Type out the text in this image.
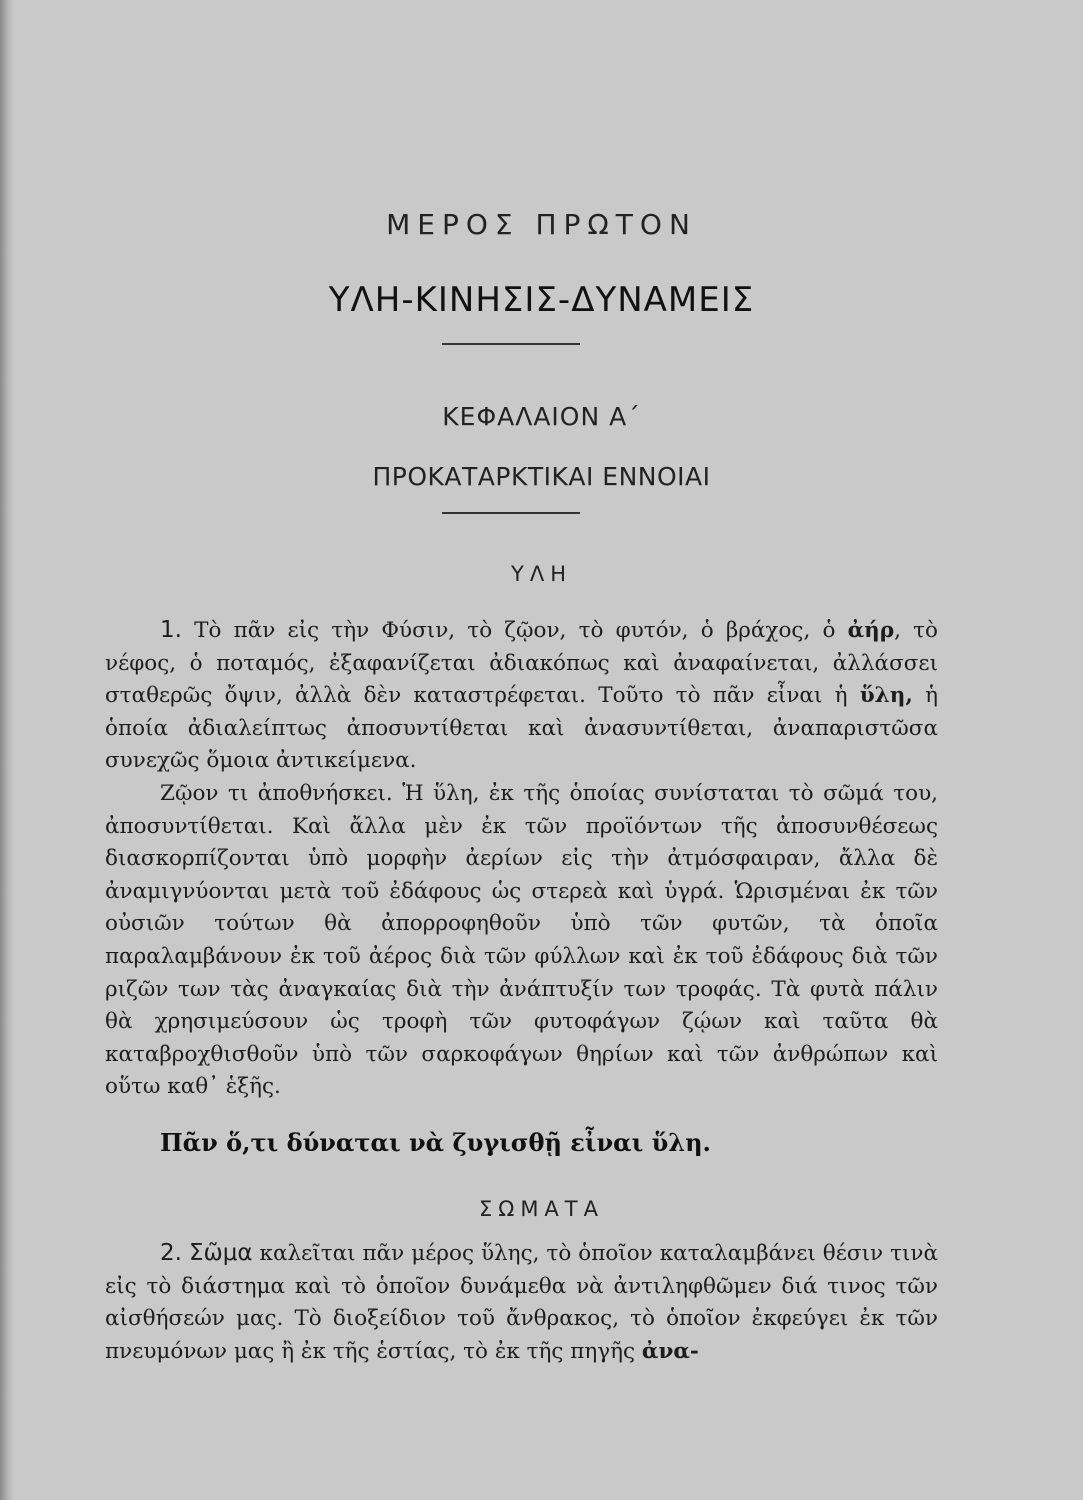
ΜΕΡΟΣ ΠΡΩΤΟΝ
ΥΛΗ-ΚΙΝΗΣΙΣ-ΔΥΝΑΜΕΙΣ
ΚΕΦΑΛΑΙΟΝ Α΄
ΠΡΟΚΑΤΑΡΚΤΙΚΑΙ ΕΝΝΟΙΑΙ
ΥΛΗ

1. Τὸ πᾶν εἰς τὴν Φύσιν, τὸ ζῷον, τὸ φυτόν, ὁ βράχος, ὁ ἀήρ, τὸ νέφος, ὁ ποταμός, ἐξαφανίζεται ἀδιακόπως καὶ ἀναφαίνεται, ἀλλάσσει σταθερῶς ὄψιν, ἀλλὰ δὲν καταστρέφεται. Τοῦτο τὸ πᾶν εἶναι ἡ ὕλη, ἡ ὁποία ἀδιαλείπτως ἀποσυντίθεται καὶ ἀνασυντίθεται, ἀναπαριστῶσα συνεχῶς ὅμοια ἀντικείμενα.

Ζῷον τι ἀποθνήσκει. Ἡ ὕλη, ἐκ τῆς ὁποίας συνίσταται τὸ σῶμά του, ἀποσυντίθεται. Καὶ ἄλλα μὲν ἐκ τῶν προϊόντων τῆς ἀποσυνθέσεως διασκορπίζονται ὑπὸ μορφὴν ἀερίων εἰς τὴν ἀτμόσφαιραν, ἄλλα δὲ ἀναμιγνύονται μετὰ τοῦ ἐδάφους ὡς στερεὰ καὶ ὑγρά. Ὡρισμέναι ἐκ τῶν οὐσιῶν τούτων θὰ ἀπορροφηθοῦν ὑπὸ τῶν φυτῶν, τὰ ὁποῖα παραλαμβάνουν ἐκ τοῦ ἀέρος διὰ τῶν φύλλων καὶ ἐκ τοῦ ἐδάφους διὰ τῶν ριζῶν των τὰς ἀναγκαίας διὰ τὴν ἀνάπτυξίν των τροφάς. Τὰ φυτὰ πάλιν θὰ χρησιμεύσουν ὡς τροφὴ τῶν φυτοφάγων ζῴων καὶ ταῦτα θὰ καταβροχθισθοῦν ὑπὸ τῶν σαρκοφάγων θηρίων καὶ τῶν ἀνθρώπων καὶ οὕτω καθ᾿ ἑξῆς.

Πᾶν ὅ,τι δύναται νὰ ζυγισθῇ εἶναι ὕλη.
ΣΩΜΑΤΑ

2. Σῶμα καλεῖται πᾶν μέρος ὕλης, τὸ ὁποῖον καταλαμβάνει θέσιν τινὰ εἰς τὸ διάστημα καὶ τὸ ὁποῖον δυνάμεθα νὰ ἀντιληφθῶμεν διά τινος τῶν αἰσθήσεών μας. Τὸ διοξείδιον τοῦ ἄνθρακος, τὸ ὁποῖον ἐκφεύγει ἐκ τῶν πνευμόνων μας ἢ ἐκ τῆς ἑστίας, τὸ ἐκ τῆς πηγῆς ἀνα-
